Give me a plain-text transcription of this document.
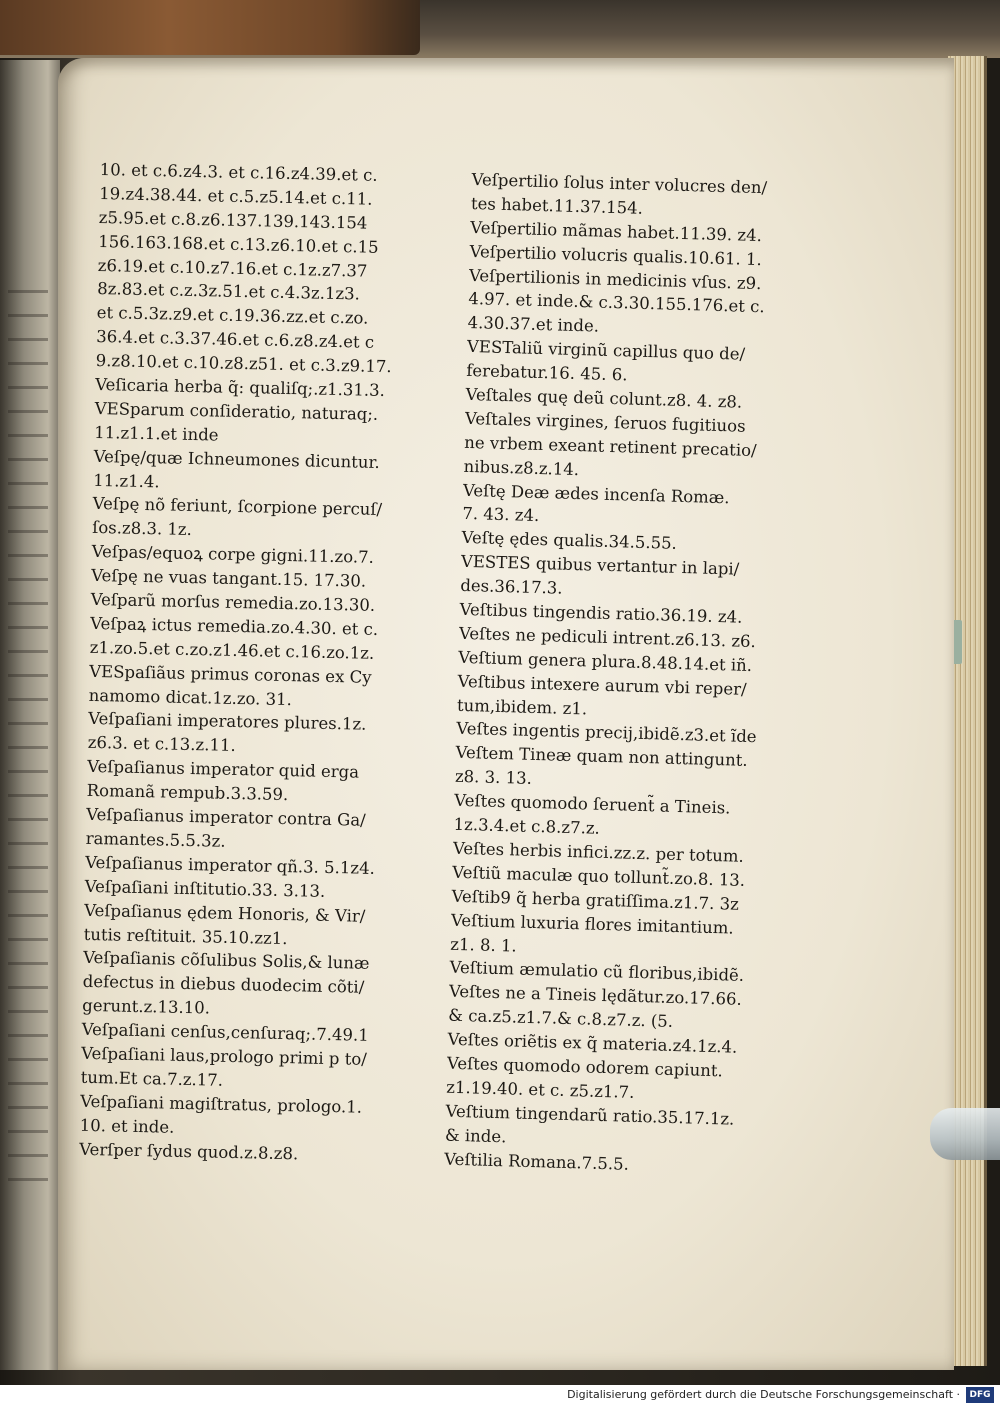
10. et c.6.z4.3. et c.16.z4.39.et c.
19.z4.38.44. et c.5.z5.14.et c.11.
z5.95.et c.8.z6.137.139.143.154
156.163.168.et c.13.z6.10.et c.15
z6.19.et c.10.z7.16.et c.1z.z7.37
8z.83.et c.z.3z.51.et c.4.3z.1z3.
et c.5.3z.z9.et c.19.36.zz.et c.zo.
36.4.et c.3.37.46.et c.6.z8.z4.et c
9.z8.10.et c.10.z8.z51. et c.3.z9.17.
Veſicaria herba q̃: qualiſq;.z1.31.3.
VESparum conſideratio, naturaq;.
11.z1.1.et inde
Veſpę/quæ Ichneumones dicuntur.
11.z1.4.
Veſpę nõ feriunt, ſcorpione percuſ/
ſos.z8.3. 1z.
Veſpas/equoꝝ corpe gigni.11.zo.7.
Veſpę ne vuas tangant.15. 17.30.
Veſparũ morſus remedia.zo.13.30.
Veſpaꝝ ictus remedia.zo.4.30. et c.
z1.zo.5.et c.zo.z1.46.et c.16.zo.1z.
VESpaſiãus primus coronas ex Cy
namomo dicat.1z.zo. 31.
Veſpaſiani imperatores plures.1z.
z6.3. et c.13.z.11.
Veſpaſianus imperator quid erga
Romanã rempub.3.3.59.
Veſpaſianus imperator contra Ga/
ramantes.5.5.3z.
Veſpaſianus imperator qñ.3. 5.1z4.
Veſpaſiani inſtitutio.33. 3.13.
Veſpaſianus ędem Honoris, & Vir/
tutis reſtituit. 35.10.zz1.
Veſpaſianis cõſulibus Solis,& lunæ
defectus in diebus duodecim cõti/
gerunt.z.13.10.
Veſpaſiani cenſus,cenſuraq;.7.49.1
Veſpaſiani laus,prologo primi p to/
tum.Et ca.7.z.17.
Veſpaſiani magiſtratus, prologo.1.
10. et inde.
Verſper ſydus quod.z.8.z8.
Veſpertilio ſolus inter volucres den/
tes habet.11.37.154.
Veſpertilio mãmas habet.11.39. z4.
Veſpertilio volucris qualis.10.61. 1.
Veſpertilionis in medicinis vſus. z9.
4.97. et inde.& c.3.30.155.176.et c.
4.30.37.et inde.
VESTaliũ virginũ capillus quo de/
ferebatur.16. 45. 6.
Veſtales quę deũ colunt.z8. 4. z8.
Veſtales virgines, ſeruos fugitiuos
ne vrbem exeant retinent precatio/
nibus.z8.z.14.
Veſtę Deæ ædes incenſa Romæ.
7. 43. z4.
Veſtę ędes qualis.34.5.55.
VESTES quibus vertantur in lapi/
des.36.17.3.
Veſtibus tingendis ratio.36.19. z4.
Veſtes ne pediculi intrent.z6.13. z6.
Veſtium genera plura.8.48.14.et iñ.
Veſtibus intexere aurum vbi reper/
tum,ibidem. z1.
Veſtes ingentis precij,ibidẽ.z3.et ĩde
Veſtem Tineæ quam non attingunt.
z8. 3. 13.
Veſtes quomodo ſeruent̃ a Tineis.
1z.3.4.et c.8.z7.z.
Veſtes herbis infici.zz.z. per totum.
Veſtiũ maculæ quo tollunt̃.zo.8. 13.
Veſtib9 q̃ herba gratiſſima.z1.7. 3z
Veſtium luxuria flores imitantium.
z1. 8. 1.
Veſtium æmulatio cũ floribus,ibidẽ.
Veſtes ne a Tineis lędãtur.zo.17.66.
& ca.z5.z1.7.& c.8.z7.z. (5.
Veſtes oriẽtis ex q̃ materia.z4.1z.4.
Veſtes quomodo odorem capiunt.
z1.19.40. et c. z5.z1.7.
Veſtium tingendarũ ratio.35.17.1z.
& inde.
Veſtilia Romana.7.5.5.
Digitalisierung gefördert durch die Deutsche Forschungsgemeinschaft ·	DFG
